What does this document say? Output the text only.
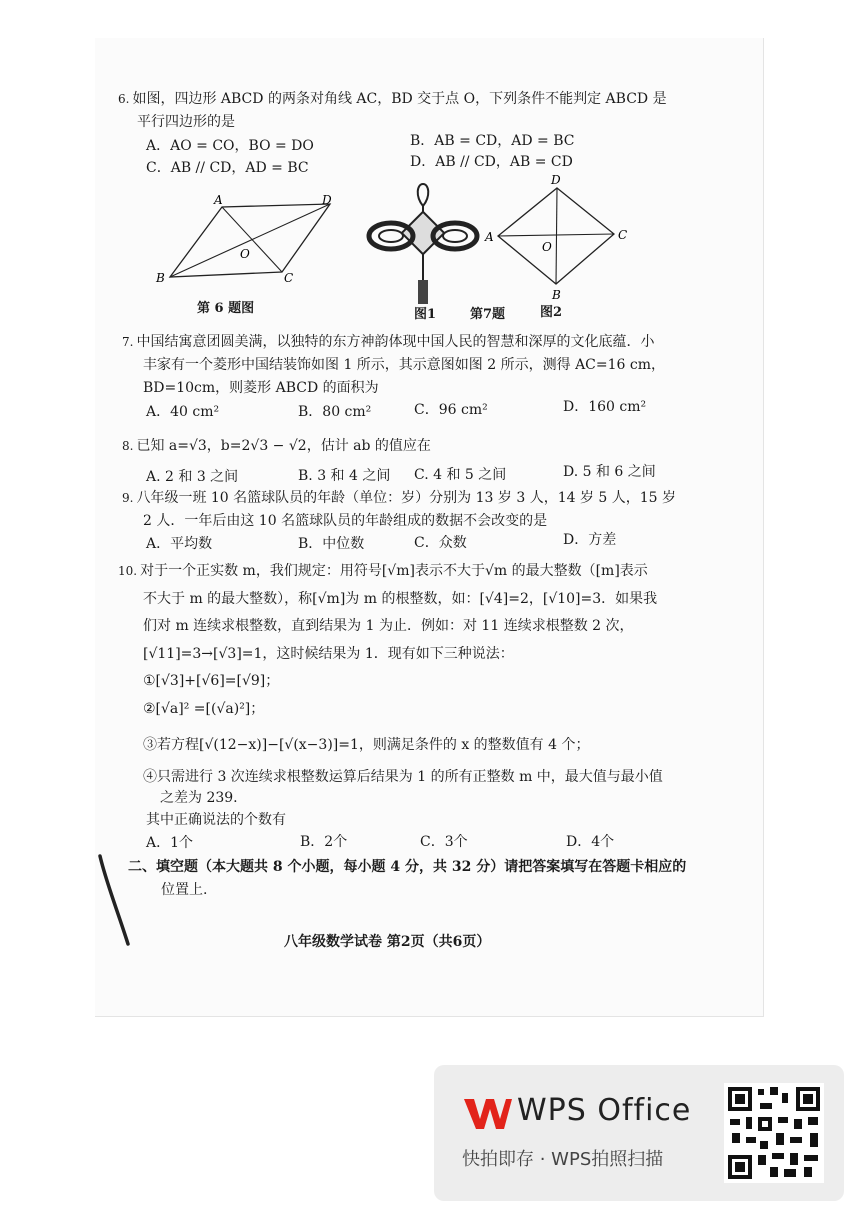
6. 如图，四边形 ABCD 的两条对角线 AC，BD 交于点 O，下列条件不能判定 ABCD 是
平行四边形的是
A．AO = CO，BO = DO	B．AB = CD，AD = BC
C．AB // CD，AD = BC	D．AB // CD，AB = CD
A	D
B	C
O
第 6 题图	图1	第7题
D
A	C
O
B
图2
7. 中国结寓意团圆美满，以独特的东方神韵体现中国人民的智慧和深厚的文化底蕴．小
丰家有一个菱形中国结装饰如图 1 所示，其示意图如图 2 所示，测得 AC=16 cm，
BD=10cm，则菱形 ABCD 的面积为
A．40 cm²	B．80 cm²	C．96 cm²	D．160 cm²
8. 已知 a=√3，b=2√3 − √2，估计 ab 的值应在
A. 2 和 3 之间	B. 3 和 4 之间 C. 4 和 5 之间	D. 5 和 6 之间
9. 八年级一班 10 名篮球队员的年龄（单位：岁）分别为 13 岁 3 人，14 岁 5 人，15 岁
2 人．一年后由这 10 名篮球队员的年龄组成的数据不会改变的是
A．平均数	B．中位数	C．众数	D．方差
10. 对于一个正实数 m，我们规定：用符号[√m]表示不大于√m 的最大整数（[m]表示
不大于 m 的最大整数），称[√m]为 m 的根整数，如：[√4]=2，[√10]=3．如果我
们对 m 连续求根整数，直到结果为 1 为止．例如：对 11 连续求根整数 2 次，
[√11]=3→[√3]=1，这时候结果为 1．现有如下三种说法：
①[√3]+[√6]=[√9]；
②[√a]² =[(√a)²]；
③若方程[√(12−x)]−[√(x−3)]=1，则满足条件的 x 的整数值有 4 个；
④只需进行 3 次连续求根整数运算后结果为 1 的所有正整数 m 中，最大值与最小值
之差为 239.
其中正确说法的个数有
A．1个	B．2个	C．3个	D．4个
二、填空题（本大题共 8 个小题，每小题 4 分，共 32 分）请把答案填写在答题卡相应的
位置上.
八年级数学试卷 第2页（共6页）
WPS Office
快拍即存 · WPS拍照扫描
